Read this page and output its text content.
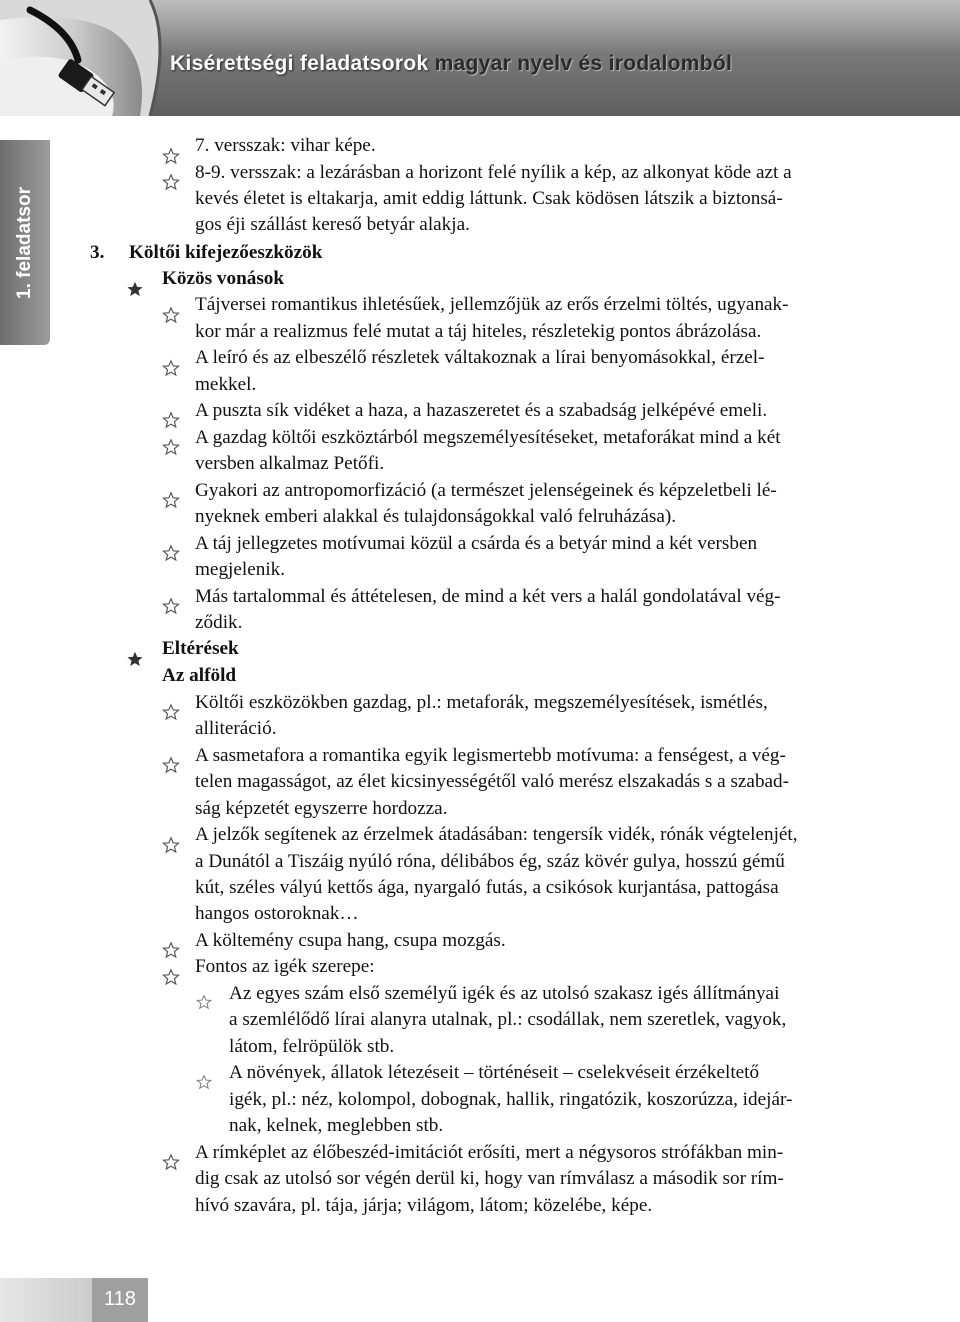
Kisérettségi feladatsorok magyar nyelv és irodalomból
1. feladatsor
118
7. versszak: vihar képe.
8-9. versszak: a lezárásban a horizont felé nyílik a kép, az alkonyat köde azt a
kevés életet is eltakarja, amit eddig láttunk. Csak ködösen látszik a biztonsá-
gos éji szállást kereső betyár alakja.
3. Költői kifejezőeszközök
Közös vonások
Tájversei romantikus ihletésűek, jellemzőjük az erős érzelmi töltés, ugyanak-
kor már a realizmus felé mutat a táj hiteles, részletekig pontos ábrázolása.
A leíró és az elbeszélő részletek váltakoznak a lírai benyomásokkal, érzel-
mekkel.
A puszta sík vidéket a haza, a hazaszeretet és a szabadság jelképévé emeli.
A gazdag költői eszköztárból megszemélyesítéseket, metaforákat mind a két
versben alkalmaz Petőfi.
Gyakori az antropomorfizáció (a természet jelenségeinek és képzeletbeli lé-
nyeknek emberi alakkal és tulajdonságokkal való felruházása).
A táj jellegzetes motívumai közül a csárda és a betyár mind a két versben
megjelenik.
Más tartalommal és áttételesen, de mind a két vers a halál gondolatával vég-
ződik.
Eltérések
Az alföld
Költői eszközökben gazdag, pl.: metaforák, megszemélyesítések, ismétlés,
alliteráció.
A sasmetafora a romantika egyik legismertebb motívuma: a fenségest, a vég-
telen magasságot, az élet kicsinyességétől való merész elszakadás s a szabad-
ság képzetét egyszerre hordozza.
A jelzők segítenek az érzelmek átadásában: tengersík vidék, rónák végtelenjét,
a Dunától a Tiszáig nyúló róna, délibábos ég, száz kövér gulya, hosszú gémű
kút, széles vályú kettős ága, nyargaló futás, a csikósok kurjantása, pattogása
hangos ostoroknak…
A költemény csupa hang, csupa mozgás.
Fontos az igék szerepe:
Az egyes szám első személyű igék és az utolsó szakasz igés állítmányai
a szemlélődő lírai alanyra utalnak, pl.: csodállak, nem szeretlek, vagyok,
látom, felröpülök stb.
A növények, állatok létezéseit – történéseit – cselekvéseit érzékeltető
igék, pl.: néz, kolompol, dobognak, hallik, ringatózik, koszorúzza, idejár-
nak, kelnek, meglebben stb.
A rímképlet az élőbeszéd-imitációt erősíti, mert a négysoros strófákban min-
dig csak az utolsó sor végén derül ki, hogy van rímválasz a második sor rím-
hívó szavára, pl. tája, járja; világom, látom; közelébe, képe.
